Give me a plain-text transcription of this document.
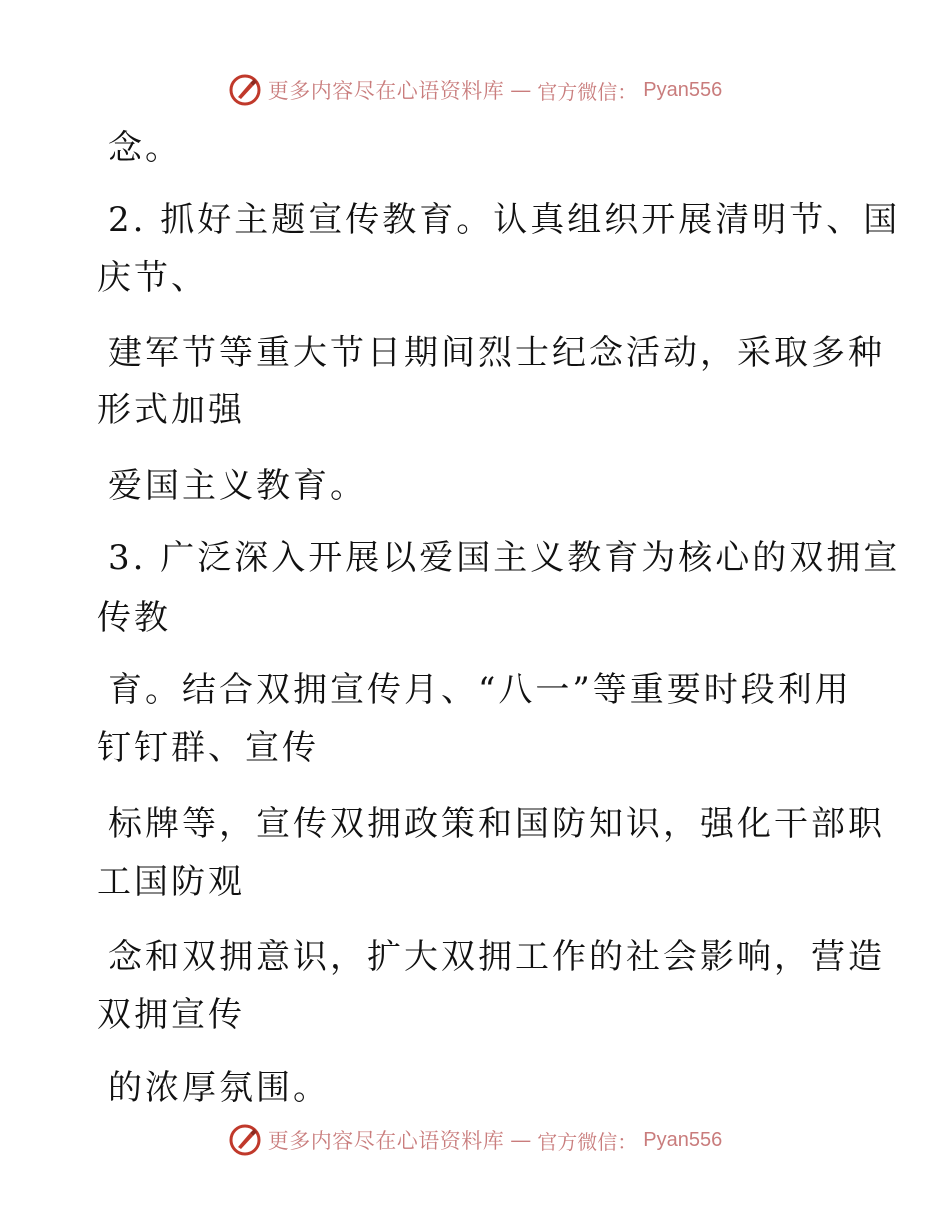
更多内容尽在心语资料库 — 官方微信： Pyan556
念。
2. 抓好主题宣传教育。认真组织开展清明节、国
庆节、
建军节等重大节日期间烈士纪念活动，采取多种
形式加强
爱国主义教育。
3. 广泛深入开展以爱国主义教育为核心的双拥宣
传教
育。结合双拥宣传月、“八一”等重要时段利用
钉钉群、宣传
标牌等，宣传双拥政策和国防知识，强化干部职
工国防观
念和双拥意识，扩大双拥工作的社会影响，营造
双拥宣传
的浓厚氛围。
更多内容尽在心语资料库 — 官方微信： Pyan556
